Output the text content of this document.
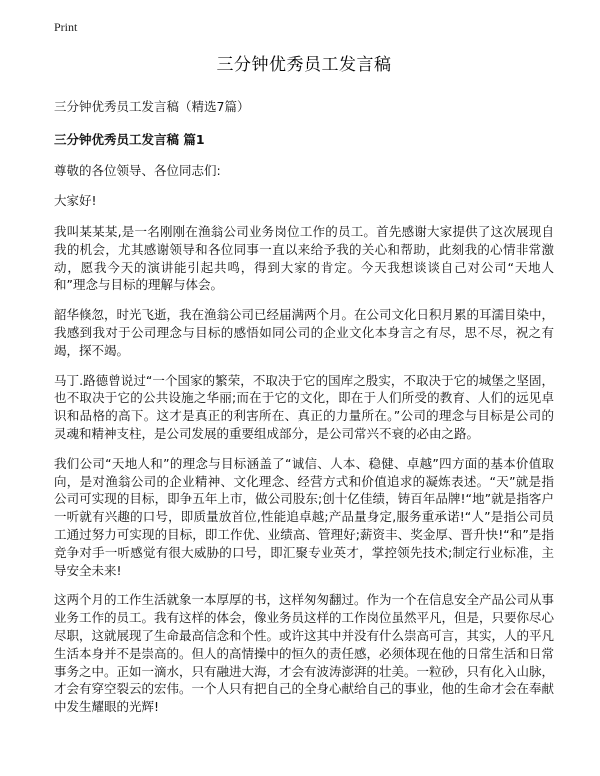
Print
三分钟优秀员工发言稿

三分钟优秀员工发言稿（精选7篇）

三分钟优秀员工发言稿 篇1

尊敬的各位领导、各位同志们:

大家好!

我叫某某某,是一名刚刚在渔翁公司业务岗位工作的员工。首先感谢大家提供了这次展现自我的机会，尤其感谢领导和各位同事一直以来给予我的关心和帮助，此刻我的心情非常激动，愿我今天的演讲能引起共鸣，得到大家的肯定。今天我想谈谈自己对公司“天地人和”理念与目标的理解与体会。

韶华倏忽，时光飞逝，我在渔翁公司已经届满两个月。在公司文化日积月累的耳濡目染中，我感到我对于公司理念与目标的感悟如同公司的企业文化本身言之有尽，思不尽，祝之有竭，探不竭。

马丁.路德曾说过“一个国家的繁荣，不取决于它的国库之殷实，不取决于它的城堡之坚固，也不取决于它的公共设施之华丽;而在于它的文化，即在于人们所受的教育、人们的远见卓识和品格的高下。这才是真正的利害所在、真正的力量所在。”公司的理念与目标是公司的灵魂和精神支柱，是公司发展的重要组成部分，是公司常兴不衰的必由之路。

我们公司“天地人和”的理念与目标涵盖了“诚信、人本、稳健、卓越”四方面的基本价值取向，是对渔翁公司的企业精神、文化理念、经营方式和价值追求的凝炼表述。“天”就是指公司可实现的目标，即争五年上市，做公司股东;创十亿佳绩，铸百年品牌!“地”就是指客户一听就有兴趣的口号，即质量放首位,性能追卓越;产品量身定,服务重承诺!“人”是指公司员工通过努力可实现的目标，即工作优、业绩高、管理好;薪资丰、奖金厚、晋升快!“和”是指竞争对手一听感觉有很大威胁的口号，即汇聚专业英才，掌控领先技术;制定行业标准，主导安全未来!

这两个月的工作生活就象一本厚厚的书，这样匆匆翻过。作为一个在信息安全产品公司从事业务工作的员工。我有这样的体会，像业务员这样的工作岗位虽然平凡，但是，只要你尽心尽职，这就展现了生命最高信念和个性。或许这其中并没有什么崇高可言，其实，人的平凡生活本身并不是崇高的。但人的高情操中的恒久的责任感，必须体现在他的日常生活和日常事务之中。正如一滴水，只有融进大海，才会有波涛澎湃的壮美。一粒砂，只有化入山脉，才会有穿空裂云的宏伟。一个人只有把自己的全身心献给自己的事业，他的生命才会在奉献中发生耀眼的光辉!
